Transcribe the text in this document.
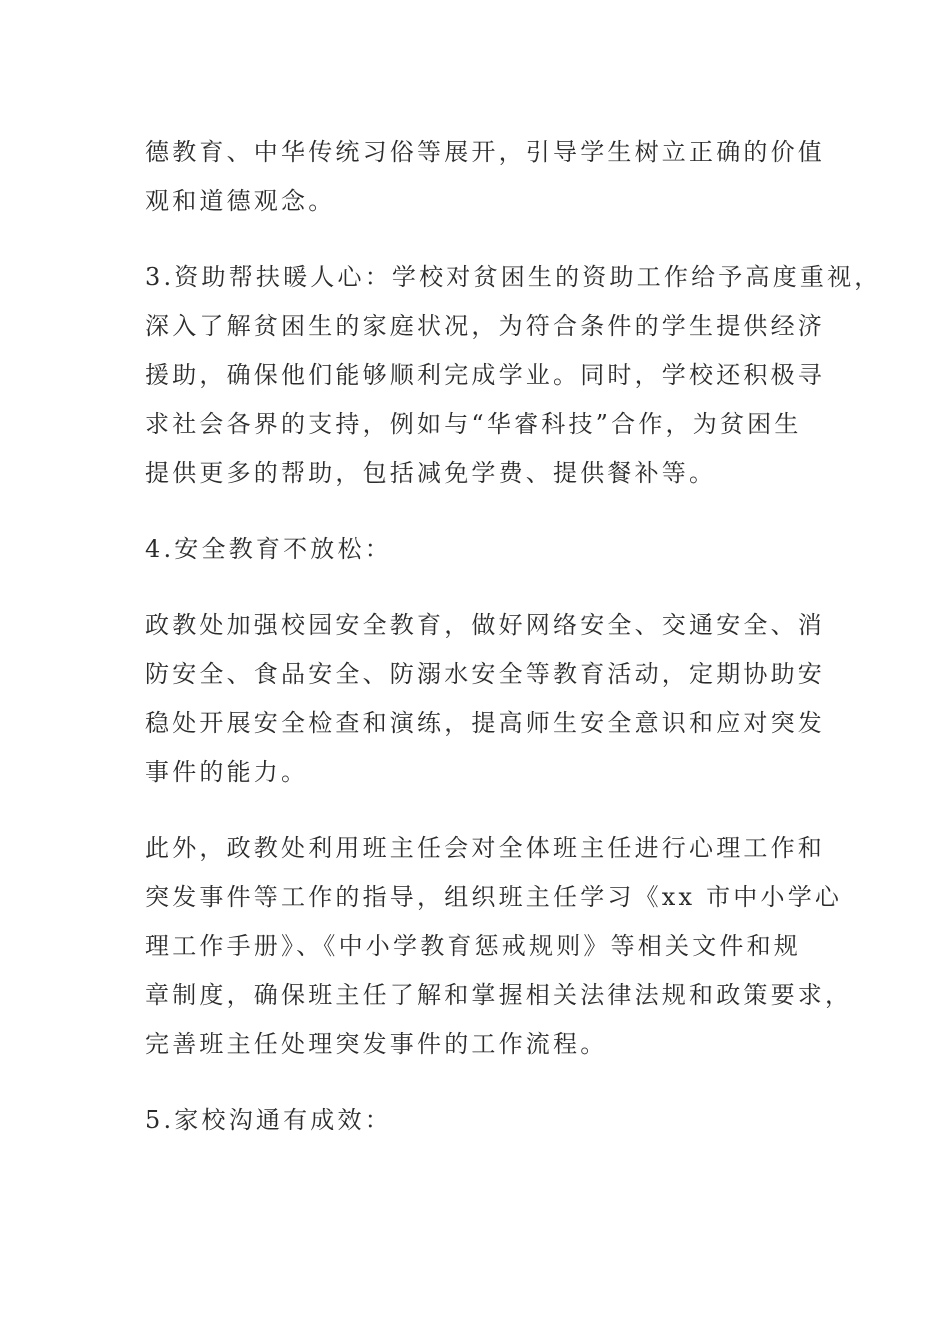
德教育、中华传统习俗等展开，引导学生树立正确的价值
观和道德观念。
3.资助帮扶暖人心：学校对贫困生的资助工作给予高度重视，
深入了解贫困生的家庭状况，为符合条件的学生提供经济
援助，确保他们能够顺利完成学业。同时，学校还积极寻
求社会各界的支持，例如与“华睿科技”合作，为贫困生
提供更多的帮助，包括减免学费、提供餐补等。
4.安全教育不放松：
政教处加强校园安全教育，做好网络安全、交通安全、消
防安全、食品安全、防溺水安全等教育活动，定期协助安
稳处开展安全检查和演练，提高师生安全意识和应对突发
事件的能力。
此外，政教处利用班主任会对全体班主任进行心理工作和
突发事件等工作的指导，组织班主任学习《xx 市中小学心
理工作手册》、《中小学教育惩戒规则》等相关文件和规
章制度，确保班主任了解和掌握相关法律法规和政策要求，
完善班主任处理突发事件的工作流程。
5.家校沟通有成效：
